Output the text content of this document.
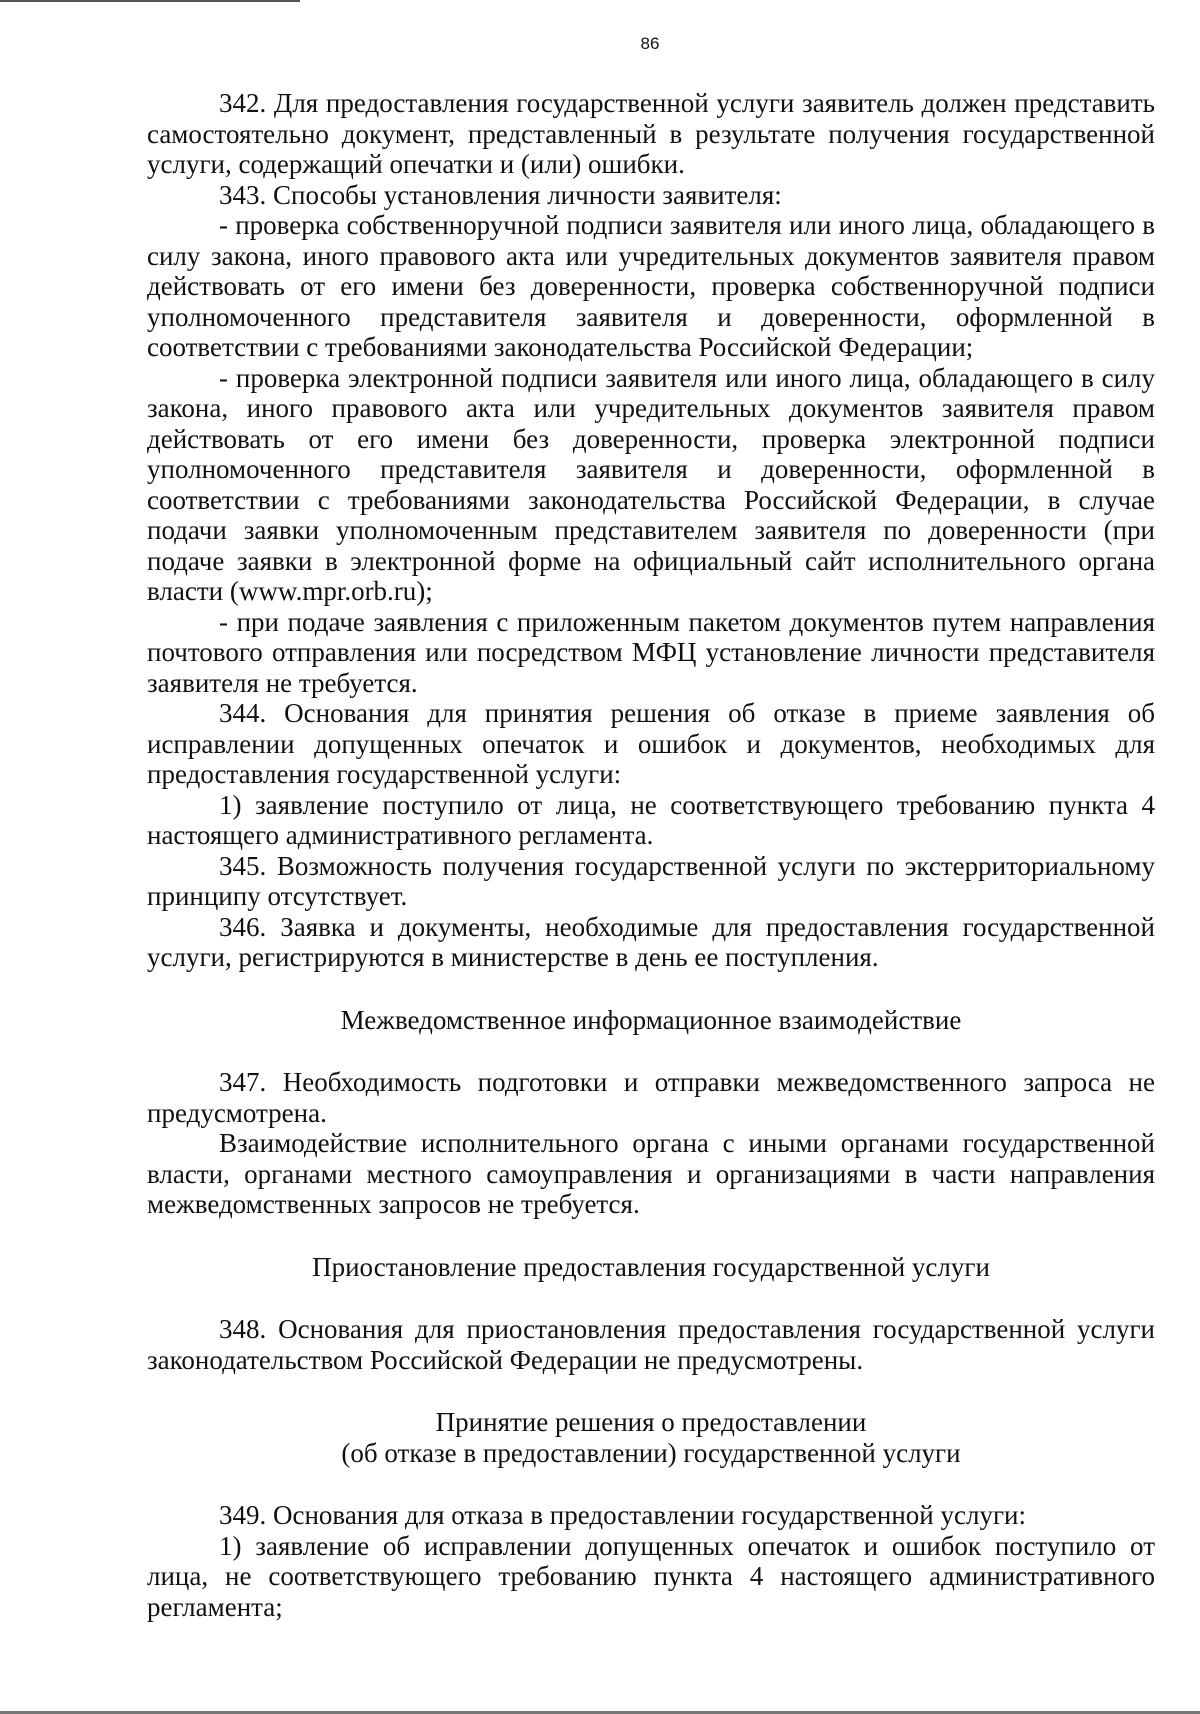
86

342. Для предоставления государственной услуги заявитель должен представить самостоятельно документ, представленный в результате получения государственной услуги, содержащий опечатки и (или) ошибки.

343. Способы установления личности заявителя:

- проверка собственноручной подписи заявителя или иного лица, обладающего в силу закона, иного правового акта или учредительных документов заявителя правом действовать от его имени без доверенности, проверка собственноручной подписи уполномоченного представителя заявителя и доверенности, оформленной в соответствии с требованиями законодательства Российской Федерации;

- проверка электронной подписи заявителя или иного лица, обладающего в силу закона, иного правового акта или учредительных документов заявителя правом действовать от его имени без доверенности, проверка электронной подписи уполномоченного представителя заявителя и доверенности, оформленной в соответствии с требованиями законодательства Российской Федерации, в случае подачи заявки уполномоченным представителем заявителя по доверенности (при подаче заявки в электронной форме на официальный сайт исполнительного органа власти (www.mpr.orb.ru);

- при подаче заявления с приложенным пакетом документов путем направления почтового отправления или посредством МФЦ установление личности представителя заявителя не требуется.

344. Основания для принятия решения об отказе в приеме заявления об исправлении допущенных опечаток и ошибок и документов, необходимых для предоставления государственной услуги:

1) заявление поступило от лица, не соответствующего требованию пункта 4 настоящего административного регламента.

345. Возможность получения государственной услуги по экстерриториальному принципу отсутствует.

346. Заявка и документы, необходимые для предоставления государственной услуги, регистрируются в министерстве в день ее поступления.

Межведомственное информационное взаимодействие

347. Необходимость подготовки и отправки межведомственного запроса не предусмотрена.

Взаимодействие исполнительного органа с иными органами государственной власти, органами местного самоуправления и организациями в части направления межведомственных запросов не требуется.

Приостановление предоставления государственной услуги

348. Основания для приостановления предоставления государственной услуги законодательством Российской Федерации не предусмотрены.

Принятие решения о предоставлении

(об отказе в предоставлении) государственной услуги

349. Основания для отказа в предоставлении государственной услуги:

1) заявление об исправлении допущенных опечаток и ошибок поступило от лица, не соответствующего требованию пункта 4 настоящего административного регламента;
